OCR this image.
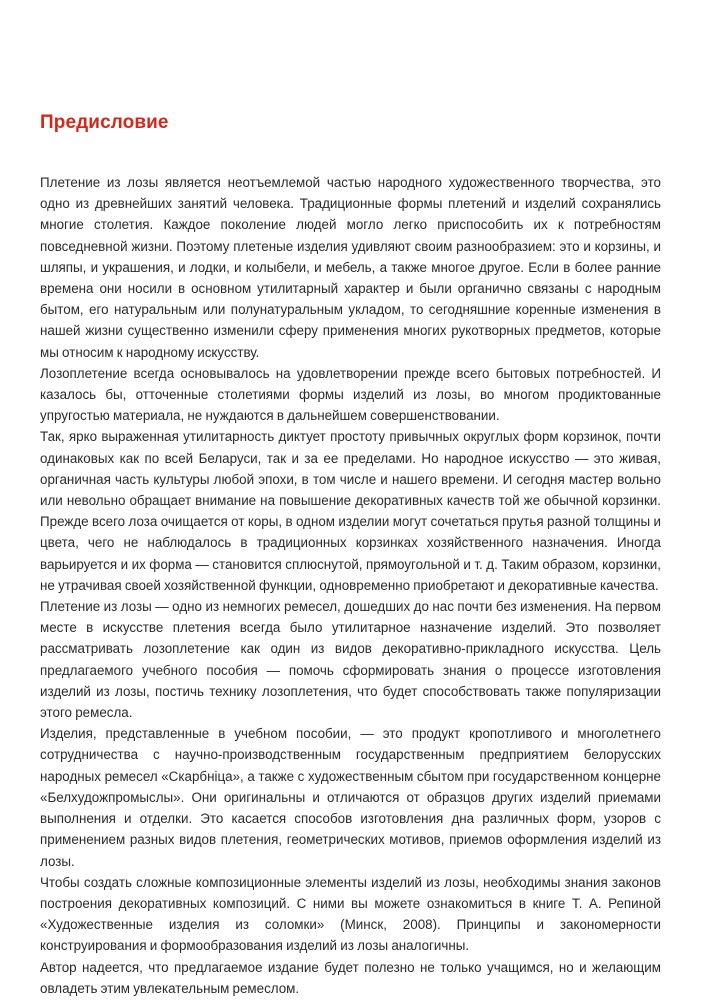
Предисловие

Плетение из лозы является неотъемлемой частью народного художественного творчества, это одно из древнейших занятий человека. Традиционные формы плетений и изделий сохранялись многие столетия. Каждое поколение людей могло легко приспособить их к потребностям повседневной жизни. Поэтому плетеные изделия удивляют своим разнообразием: это и корзины, и шляпы, и украшения, и лодки, и колыбели, и мебель, а также многое другое. Если в более ранние времена они носили в основном утилитарный характер и были органично связаны с народным бытом, его натуральным или полунатуральным укладом, то сегодняшние коренные изменения в нашей жизни существенно изменили сферу применения многих рукотворных предметов, которые мы относим к народному искусству.

Лозоплетение всегда основывалось на удовлетворении прежде всего бытовых потребностей. И казалось бы, отточенные столетиями формы изделий из лозы, во многом продиктованные упругостью материала, не нуждаются в дальнейшем совершенствовании.

Так, ярко выраженная утилитарность диктует простоту привычных округлых форм корзинок, почти одинаковых как по всей Беларуси, так и за ее пределами. Но народное искусство — это живая, органичная часть культуры любой эпохи, в том числе и нашего времени. И сегодня мастер вольно или невольно обращает внимание на повышение декоративных качеств той же обычной корзинки. Прежде всего лоза очищается от коры, в одном изделии могут сочетаться прутья разной толщины и цвета, чего не наблюдалось в традиционных корзинках хозяйственного назначения. Иногда варьируется и их форма — становится сплюснутой, прямоугольной и т. д. Таким образом, корзинки, не утрачивая своей хозяйственной функции, одновременно приобретают и декоративные качества.

Плетение из лозы — одно из немногих ремесел, дошедших до нас почти без изменения. На первом месте в искусстве плетения всегда было утилитарное назначение изделий. Это позволяет рассматривать лозоплетение как один из видов декоративно-прикладного искусства. Цель предлагаемого учебного пособия — помочь сформировать знания о процессе изготовления изделий из лозы, постичь технику лозоплетения, что будет способствовать также популяризации этого ремесла.

Изделия, представленные в учебном пособии, — это продукт кропотливого и многолетнего сотрудничества с научно-производственным государственным предприятием белорусских народных ремесел «Скарбніца», а также с художественным сбытом при государственном концерне «Белхудожпромыслы». Они оригинальны и отличаются от образцов других изделий приемами выполнения и отделки. Это касается способов изготовления дна различных форм, узоров с применением разных видов плетения, геометрических мотивов, приемов оформления изделий из лозы.

Чтобы создать сложные композиционные элементы изделий из лозы, необходимы знания законов построения декоративных композиций. С ними вы можете ознакомиться в книге Т. А. Репиной «Художественные изделия из соломки» (Минск, 2008). Принципы и закономерности конструирования и формообразования изделий из лозы аналогичны.

Автор надеется, что предлагаемое издание будет полезно не только учащимся, но и желающим овладеть этим увлекательным ремеслом.
